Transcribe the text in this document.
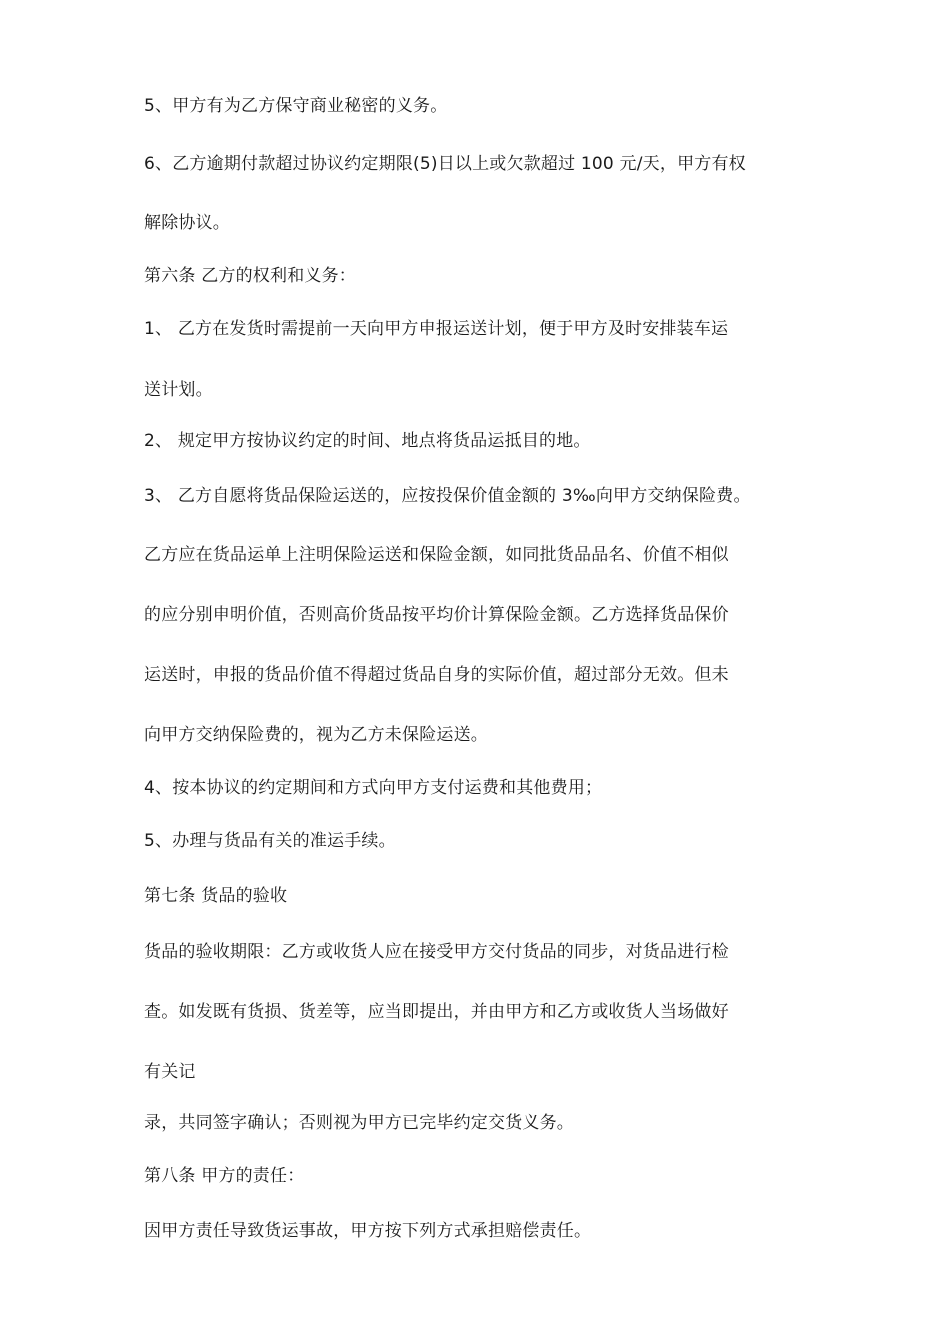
5、甲方有为乙方保守商业秘密的义务。
6、乙方逾期付款超过协议约定期限(5)日以上或欠款超过 100 元/天，甲方有权
解除协议。
第六条 乙方的权利和义务：
1、 乙方在发货时需提前一天向甲方申报运送计划，便于甲方及时安排装车运
送计划。
2、 规定甲方按协议约定的时间、地点将货品运抵目的地。
3、 乙方自愿将货品保险运送的，应按投保价值金额的 3‰向甲方交纳保险费。
乙方应在货品运单上注明保险运送和保险金额，如同批货品品名、价值不相似
的应分别申明价值，否则高价货品按平均价计算保险金额。乙方选择货品保价
运送时，申报的货品价值不得超过货品自身的实际价值，超过部分无效。但未
向甲方交纳保险费的，视为乙方未保险运送。
4、按本协议的约定期间和方式向甲方支付运费和其他费用；
5、办理与货品有关的准运手续。
第七条 货品的验收
货品的验收期限：乙方或收货人应在接受甲方交付货品的同步，对货品进行检
查。如发既有货损、货差等，应当即提出，并由甲方和乙方或收货人当场做好
有关记
录，共同签字确认；否则视为甲方已完毕约定交货义务。
第八条 甲方的责任：
因甲方责任导致货运事故，甲方按下列方式承担赔偿责任。
